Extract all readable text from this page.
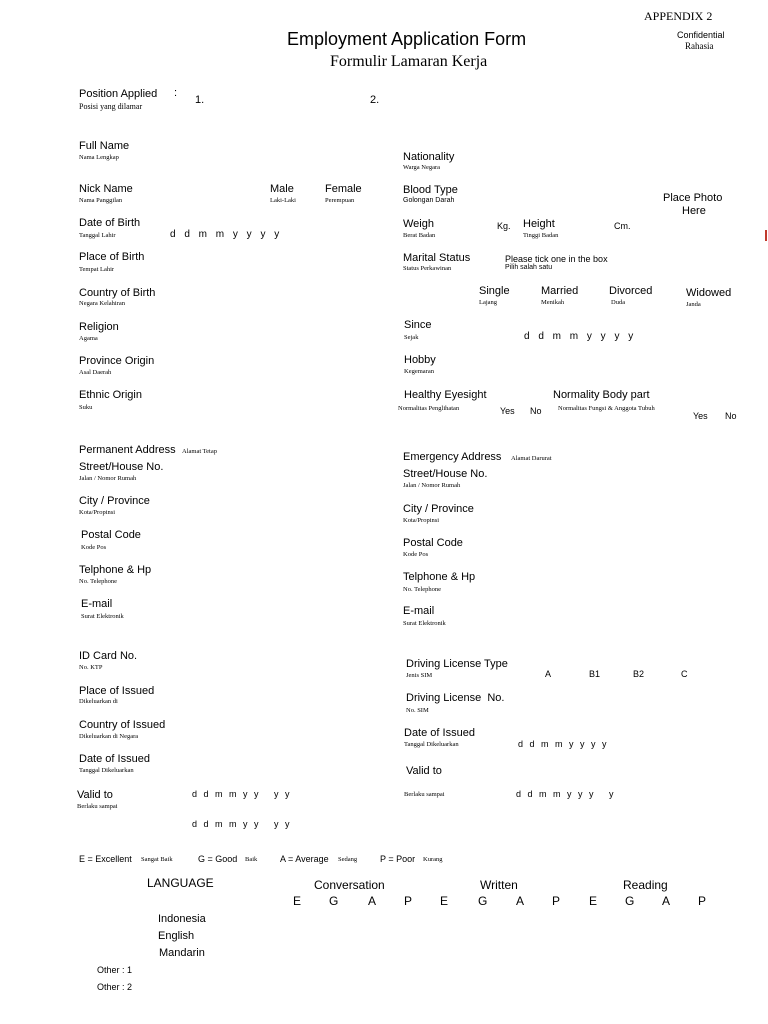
APPENDIX 2
Confidential
Rahasia
Employment Application Form
Formulir Lamaran Kerja
Position Applied
Posisi yang dilamar
:
1.	2.
Full Name
Nama Lengkap
Nick Name
Nama Panggilan
Male
Laki-Laki
Female
Perempuan
Date of Birth
Tanggal Lahir	d d m m y y y y
Place of Birth
Tempat Lahir
Country of Birth
Negara Kelahiran
Religion
Agama
Province Origin
Asal Daerah
Ethnic Origin
Suku
Nationality
Warga Negara
Blood Type
Golongan Darah	Place Photo
Here
Weigh
Berat Badan
Kg. Height
Tinggi Badan
Cm.
Marital Status
Status Perkawinan
Please tick one in the box
Pilih salah satu
Single
Lajang
Married
Menikah
Divorced
Duda
Widowed
Janda
Since
Sejak	d d m m y y y y
Hobby
Kegemaran
Healthy Eyesight
Normalitas Penglihatan	Yes No
Normality Body part
Normalitas Fungsi & Anggota Tubuh
Yes No
Permanent Address Alamat Tetap
Street/House No.
Jalan / Nomor Rumah
City / Province
Kota/Propinsi
Postal Code
Kode Pos
Telphone & Hp
No. Telephone
E-mail
Surat Elektronik
Emergency Address Alamat Darurat
Street/House No.
Jalan / Nomor Rumah
City / Province
Kota/Propinsi
Postal Code
Kode Pos
Telphone & Hp
No. Telephone
E-mail
Surat Elektronik
ID Card No.
No. KTP
Place of Issued
Dikeluarkan di
Country of Issued
Dikeluarkan di Negara
Date of Issued
Tanggal Dikeluarkan
Valid to
Berlaku sampai
d d m m y y   y y
d d m m y y   y y
Driving License Type
Jenis SIM	A	B1	B2	C
Driving License  No.
No. SIM
Date of Issued
Tanggal Dikeluarkan	d d m m y y y y
Valid to
Berlaku sampai	d d m m y y y   y
E = Excellent Sangat Baik	G = Good Baik	A = Average Sedang	P = Poor Kurang
LANGUAGE	Conversation	Written	Reading
E G A P E G A P E G A P
Indonesia
English
Mandarin
Other : 1
Other : 2
